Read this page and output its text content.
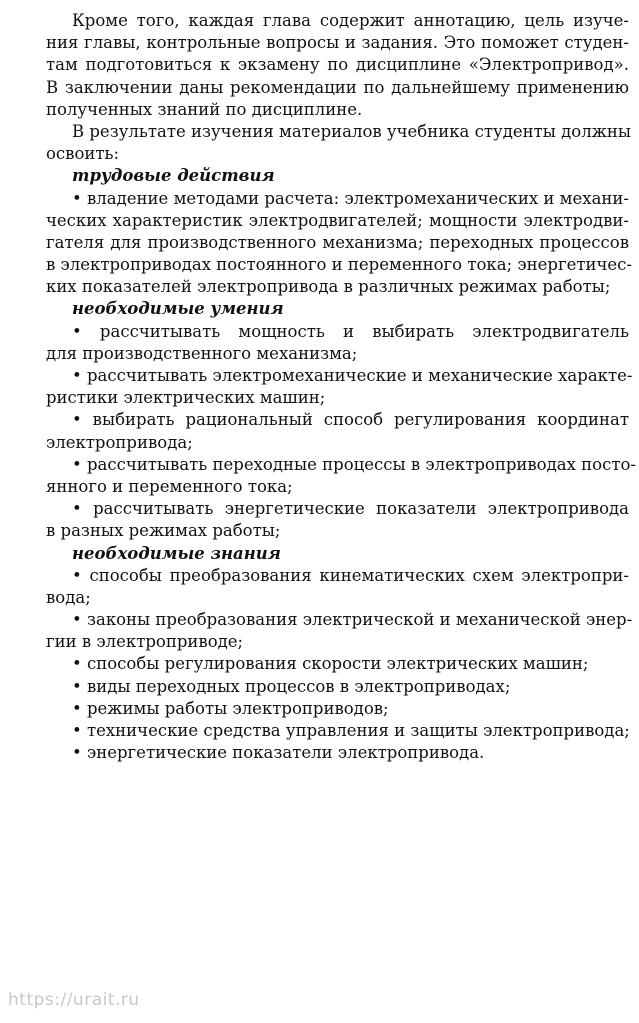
Кроме того, каждая глава содержит аннотацию, цель изуче-
ния главы, контрольные вопросы и задания. Это поможет студен-
там подготовиться к экзамену по дисциплине «Электропривод».
В заключении даны рекомендации по дальнейшему применению
полученных знаний по дисциплине.
В результате изучения материалов учебника студенты должны
освоить:
трудовые действия
• владение методами расчета: электромеханических и механи-
ческих характеристик электродвигателей; мощности электродви-
гателя для производственного механизма; переходных процессов
в электроприводах постоянного и переменного тока; энергетичес-
ких показателей электропривода в различных режимах работы;
необходимые умения
• рассчитывать мощность и выбирать электродвигатель
для производственного механизма;
• рассчитывать электромеханические и механические характе-
ристики электрических машин;
• выбирать рациональный способ регулирования координат
электропривода;
• рассчитывать переходные процессы в электроприводах посто-
янного и переменного тока;
• рассчитывать энергетические показатели электропривода
в разных режимах работы;
необходимые знания
• способы преобразования кинематических схем электропри-
вода;
• законы преобразования электрической и механической энер-
гии в электроприводе;
• способы регулирования скорости электрических машин;
• виды переходных процессов в электроприводах;
• режимы работы электроприводов;
• технические средства управления и защиты электропривода;
• энергетические показатели электропривода.
https://urait.ru
